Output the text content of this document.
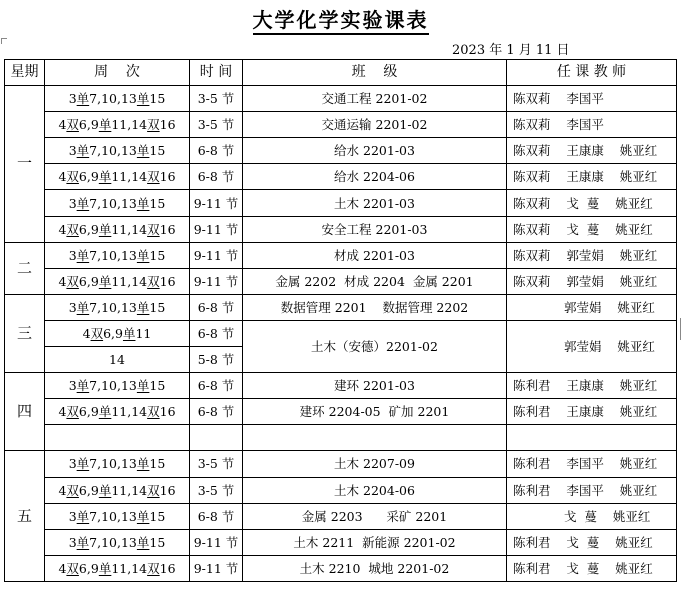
大学化学实验课表
2023 年 1 月 11 日
星期	周    次	时 间	班    级	任 课 教 师
一	3单7,10,13单15	3-5 节	交通工程 2201-02	陈双莉    李国平
	4双6,9单11,14双16	3-5 节	交通运输 2201-02	陈双莉    李国平
	3单7,10,13单15	6-8 节	给水 2201-03	陈双莉    王康康    姚亚红
	4双6,9单11,14双16	6-8 节	给水 2204-06	陈双莉    王康康    姚亚红
	3单7,10,13单15	9-11 节	土木 2201-03	陈双莉    戈  蔓    姚亚红
	4双6,9单11,14双16	9-11 节	安全工程 2201-03	陈双莉    戈  蔓    姚亚红
二	3单7,10,13单15	9-11 节	材成 2201-03	陈双莉    郭莹娟    姚亚红
	4双6,9单11,14双16	9-11 节	金属 2202  材成 2204  金属 2201	陈双莉    郭莹娟    姚亚红
三	3单7,10,13单15	6-8 节	数据管理 2201    数据管理 2202	郭莹娟    姚亚红
	4双6,9单11	6-8 节	土木（安德）2201-02	郭莹娟    姚亚红
	14	5-8 节		
四	3单7,10,13单15	6-8 节	建环 2201-03	陈利君    王康康    姚亚红
	4双6,9单11,14双16	6-8 节	建环 2204-05  矿加 2201	陈利君    王康康    姚亚红

五	3单7,10,13单15	3-5 节	土木 2207-09	陈利君    李国平    姚亚红
	4双6,9单11,14双16	3-5 节	土木 2204-06	陈利君    李国平    姚亚红
	3单7,10,13单15	6-8 节	金属 2203      采矿 2201	戈  蔓    姚亚红
	3单7,10,13单15	9-11 节	土木 2211  新能源 2201-02	陈利君    戈  蔓    姚亚红
	4双6,9单11,14双16	9-11 节	土木 2210  城地 2201-02	陈利君    戈  蔓    姚亚红
